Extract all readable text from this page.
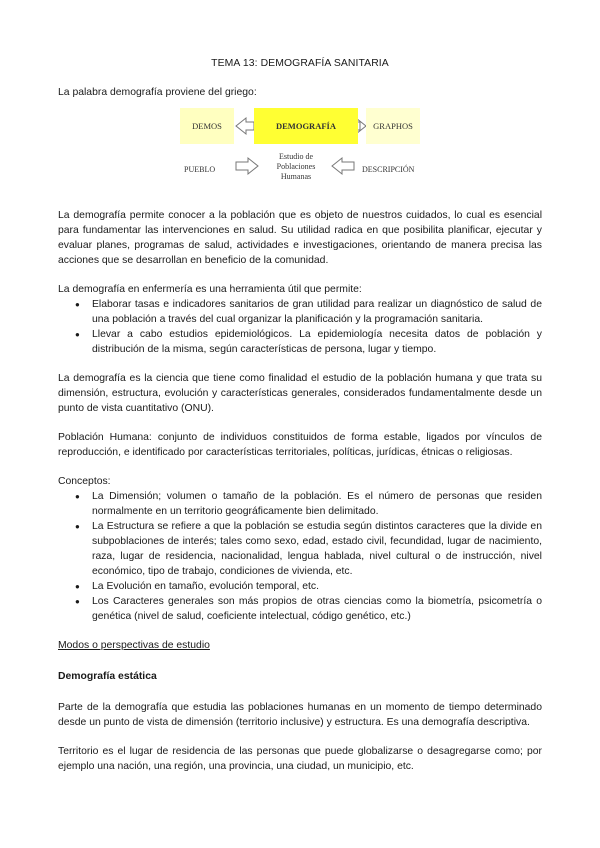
TEMA 13: DEMOGRAFÍA SANITARIA

La palabra demografía proviene del griego:

DEMOS	DEMOGRAFÍA	GRAPHOS
PUEBLO
Estudio de
Poblaciones
Humanas
DESCRIPCIÓN

La demografía permite conocer a la población que es objeto de nuestros cuidados, lo cual es esencial para fundamentar las intervenciones en salud. Su utilidad radica en que posibilita planificar, ejecutar y evaluar planes, programas de salud, actividades e investigaciones, orientando de manera precisa las acciones que se desarrollan en beneficio de la comunidad.

La demografía en enfermería es una herramienta útil que permite:

● Elaborar tasas e indicadores sanitarios de gran utilidad para realizar un diagnóstico de salud de una población a través del cual organizar la planificación y la programación sanitaria.
● Llevar a cabo estudios epidemiológicos. La epidemiología necesita datos de población y distribución de la misma, según características de persona, lugar y tiempo.

La demografía es la ciencia que tiene como finalidad el estudio de la población humana y que trata su dimensión, estructura, evolución y características generales, considerados fundamentalmente desde un punto de vista cuantitativo (ONU).

Población Humana: conjunto de individuos constituidos de forma estable, ligados por vínculos de reproducción, e identificado por características territoriales, políticas, jurídicas, étnicas o religiosas.

Conceptos:

● La Dimensión; volumen o tamaño de la población. Es el número de personas que residen normalmente en un territorio geográficamente bien delimitado.
● La Estructura se refiere a que la población se estudia según distintos caracteres que la divide en subpoblaciones de interés; tales como sexo, edad, estado civil, fecundidad, lugar de nacimiento, raza, lugar de residencia, nacionalidad, lengua hablada, nivel cultural o de instrucción, nivel económico, tipo de trabajo, condiciones de vivienda, etc.
● La Evolución en tamaño, evolución temporal, etc.
● Los Caracteres generales son más propios de otras ciencias como la biometría, psicometría o genética (nivel de salud, coeficiente intelectual, código genético, etc.)

Modos o perspectivas de estudio

Demografía estática

Parte de la demografía que estudia las poblaciones humanas en un momento de tiempo determinado desde un punto de vista de dimensión (territorio inclusive) y estructura. Es una demografía descriptiva.

Territorio es el lugar de residencia de las personas que puede globalizarse o desagregarse como; por ejemplo una nación, una región, una provincia, una ciudad, un municipio, etc.
